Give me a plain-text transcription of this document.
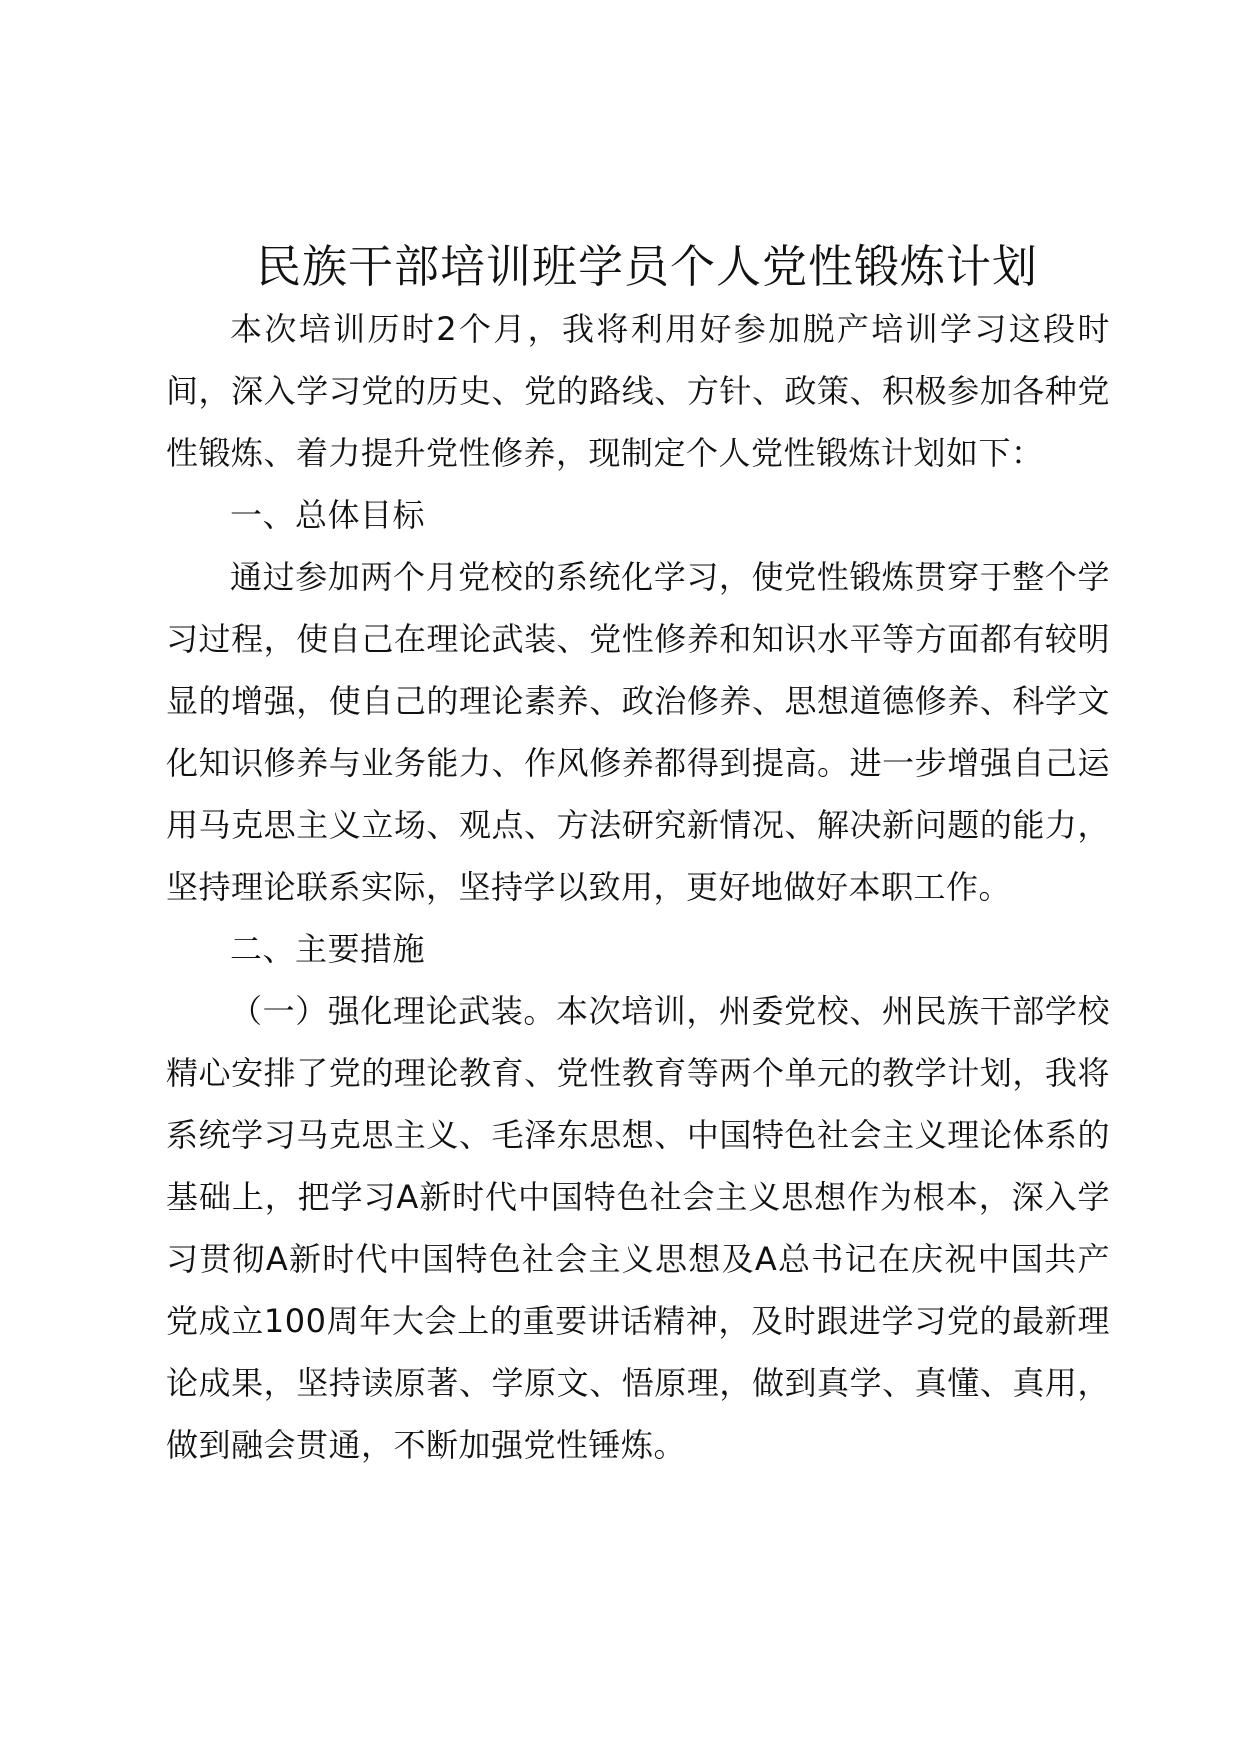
民族干部培训班学员个人党性锻炼计划

本次培训历时2个月，我将利用好参加脱产培训学习这段时间，深入学习党的历史、党的路线、方针、政策、积极参加各种党性锻炼、着力提升党性修养，现制定个人党性锻炼计划如下：

一、总体目标

通过参加两个月党校的系统化学习，使党性锻炼贯穿于整个学习过程，使自己在理论武装、党性修养和知识水平等方面都有较明显的增强，使自己的理论素养、政治修养、思想道德修养、科学文化知识修养与业务能力、作风修养都得到提高。进一步增强自己运用马克思主义立场、观点、方法研究新情况、解决新问题的能力，坚持理论联系实际，坚持学以致用，更好地做好本职工作。

二、主要措施

（一）强化理论武装。本次培训，州委党校、州民族干部学校精心安排了党的理论教育、党性教育等两个单元的教学计划，我将系统学习马克思主义、毛泽东思想、中国特色社会主义理论体系的基础上，把学习A新时代中国特色社会主义思想作为根本，深入学习贯彻A新时代中国特色社会主义思想及A总书记在庆祝中国共产党成立100周年大会上的重要讲话精神，及时跟进学习党的最新理论成果，坚持读原著、学原文、悟原理，做到真学、真懂、真用，做到融会贯通，不断加强党性锤炼。
